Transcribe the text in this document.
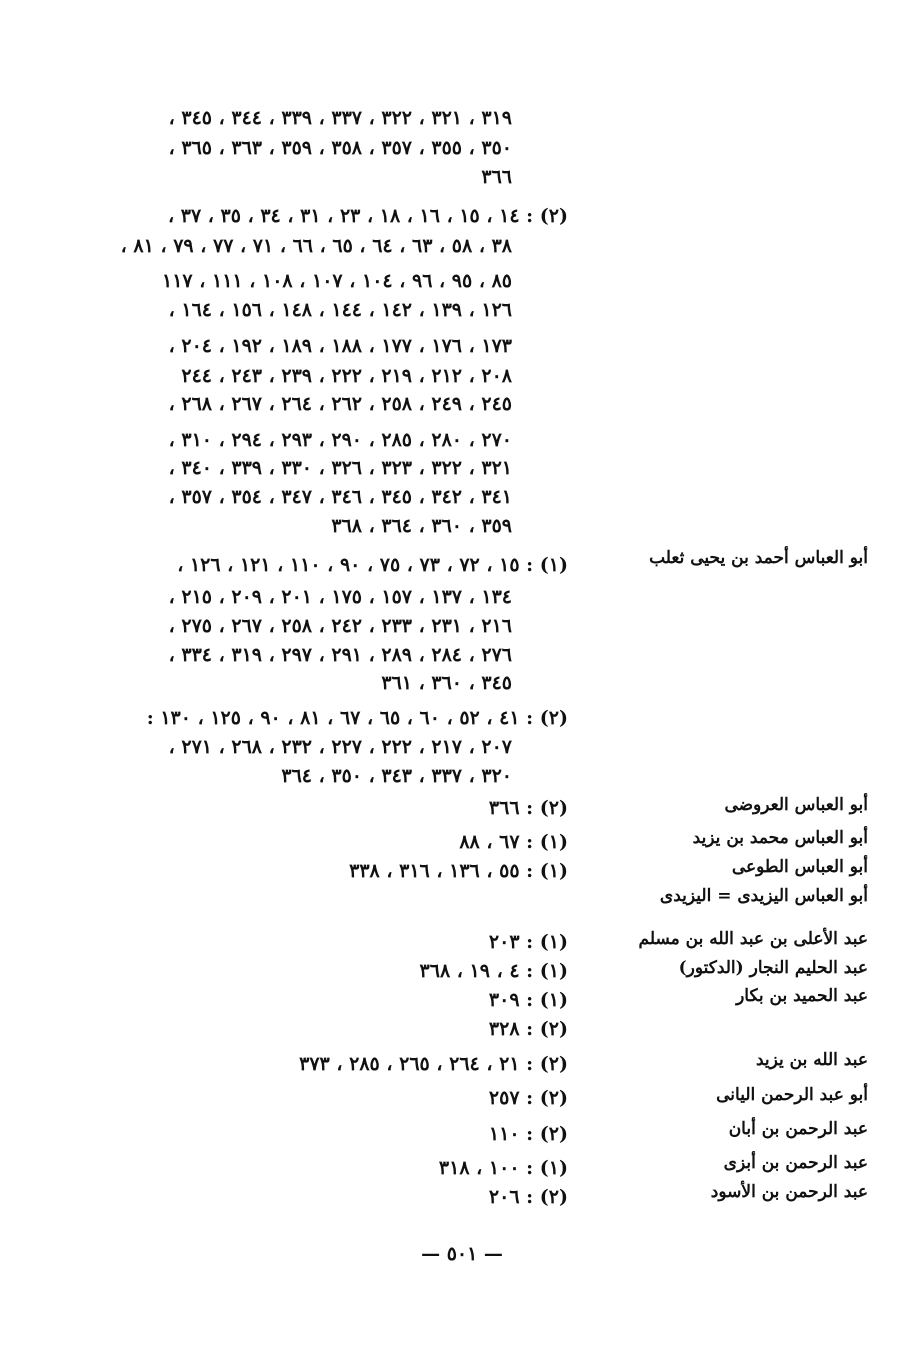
٣١٩ ، ٣٢١ ، ٣٢٢ ، ٣٣٧ ، ٣٣٩ ، ٣٤٤ ، ٣٤٥ ،
٣٥٠ ، ٣٥٥ ، ٣٥٧ ، ٣٥٨ ، ٣٥٩ ، ٣٦٣ ، ٣٦٥ ،
٣٦٦
(٢) : ١٤ ، ١٥ ، ١٦ ، ١٨ ، ٢٣ ، ٣١ ، ٣٤ ، ٣٥ ، ٣٧ ،
٣٨ ، ٥٨ ، ٦٣ ، ٦٤ ، ٦٥ ، ٦٦ ، ٧١ ، ٧٧ ، ٧٩ ، ٨١ ،
٨٥ ، ٩٥ ، ٩٦ ، ١٠٤ ، ١٠٧ ، ١٠٨ ، ١١١ ، ١١٧
١٢٦ ، ١٣٩ ، ١٤٢ ، ١٤٤ ، ١٤٨ ، ١٥٦ ، ١٦٤ ،
١٧٣ ، ١٧٦ ، ١٧٧ ، ١٨٨ ، ١٨٩ ، ١٩٢ ، ٢٠٤ ،
٢٠٨ ، ٢١٢ ، ٢١٩ ، ٢٢٢ ، ٢٣٩ ، ٢٤٣ ، ٢٤٤
٢٤٥ ، ٢٤٩ ، ٢٥٨ ، ٢٦٢ ، ٢٦٤ ، ٢٦٧ ، ٢٦٨ ،
٢٧٠ ، ٢٨٠ ، ٢٨٥ ، ٢٩٠ ، ٢٩٣ ، ٢٩٤ ، ٣١٠ ،
٣٢١ ، ٣٢٢ ، ٣٢٣ ، ٣٢٦ ، ٣٣٠ ، ٣٣٩ ، ٣٤٠ ،
٣٤١ ، ٣٤٢ ، ٣٤٥ ، ٣٤٦ ، ٣٤٧ ، ٣٥٤ ، ٣٥٧ ،
٣٥٩ ، ٣٦٠ ، ٣٦٤ ، ٣٦٨
أبو العباس أحمد بن يحيى ثعلب
(١) : ١٥ ، ٧٢ ، ٧٣ ، ٧٥ ، ٩٠ ، ١١٠ ، ١٢١ ، ١٢٦ ،
١٣٤ ، ١٣٧ ، ١٥٧ ، ١٧٥ ، ٢٠١ ، ٢٠٩ ، ٢١٥ ،
٢١٦ ، ٢٣١ ، ٢٣٣ ، ٢٤٢ ، ٢٥٨ ، ٢٦٧ ، ٢٧٥ ،
٢٧٦ ، ٢٨٤ ، ٢٨٩ ، ٢٩١ ، ٢٩٧ ، ٣١٩ ، ٣٣٤ ،
٣٤٥ ، ٣٦٠ ، ٣٦١
(٢) : ٤١ ، ٥٢ ، ٦٠ ، ٦٥ ، ٦٧ ، ٨١ ، ٩٠ ، ١٢٥ ، ١٣٠ :
٢٠٧ ، ٢١٧ ، ٢٢٢ ، ٢٢٧ ، ٢٣٢ ، ٢٦٨ ، ٢٧١ ،
٣٢٠ ، ٣٣٧ ، ٣٤٣ ، ٣٥٠ ، ٣٦٤
أبو العباس العروضى
(٢) : ٣٦٦
أبو العباس محمد بن يزيد
(١) : ٦٧ ، ٨٨
أبو العباس الطوعى
(١) : ٥٥ ، ١٣٦ ، ٣١٦ ، ٣٣٨
أبو العباس اليزيدى = اليزيدى
عبد الأعلى بن عبد الله بن مسلم
(١) : ٢٠٣
عبد الحليم النجار (الدكتور)
(١) : ٤ ، ١٩ ، ٣٦٨
عبد الحميد بن بكار
(١) : ٣٠٩
(٢) : ٣٢٨
عبد الله بن يزيد
(٢) : ٢١ ، ٢٦٤ ، ٢٦٥ ، ٢٨٥ ، ٣٧٣
أبو عبد الرحمن اليانى
(٢) : ٢٥٧
عبد الرحمن بن أبان
(٢) : ١١٠
عبد الرحمن بن أبزى
(١) : ١٠٠ ، ٣١٨
عبد الرحمن بن الأسود
(٢) : ٢٠٦
— ٥٠١ —
